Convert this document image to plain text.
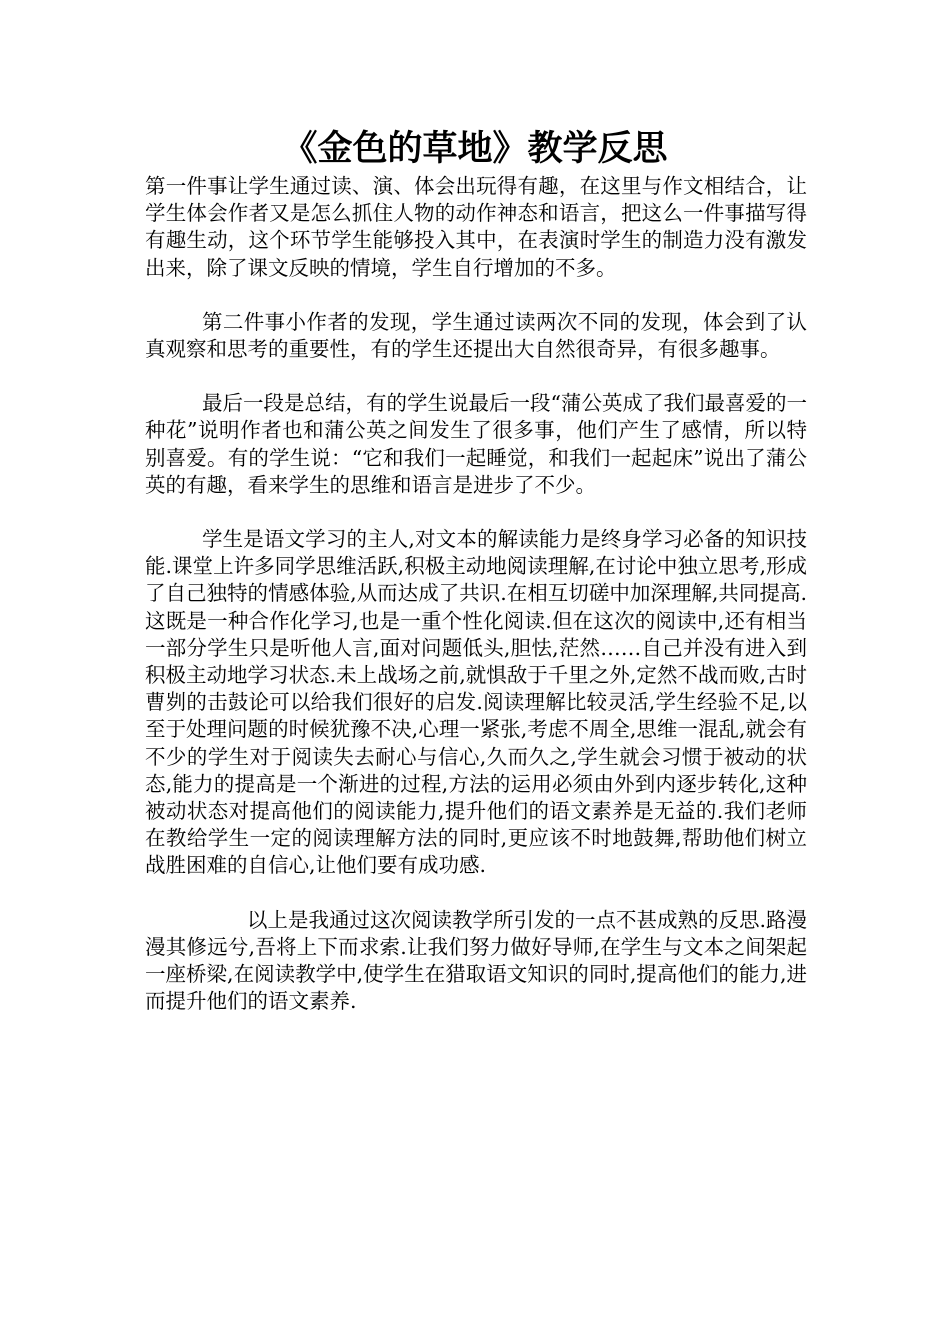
《金色的草地》教学反思

第一件事让学生通过读、演、体会出玩得有趣，在这里与作文相结合，让学生体会作者又是怎么抓住人物的动作神态和语言，把这么一件事描写得有趣生动，这个环节学生能够投入其中，在表演时学生的制造力没有激发出来，除了课文反映的情境，学生自行增加的不多。

第二件事小作者的发现，学生通过读两次不同的发现，体会到了认真观察和思考的重要性，有的学生还提出大自然很奇异，有很多趣事。

最后一段是总结，有的学生说最后一段“蒲公英成了我们最喜爱的一种花”说明作者也和蒲公英之间发生了很多事，他们产生了感情，所以特别喜爱。有的学生说：“它和我们一起睡觉，和我们一起起床”说出了蒲公英的有趣，看来学生的思维和语言是进步了不少。

学生是语文学习的主人,对文本的解读能力是终身学习必备的知识技能.课堂上许多同学思维活跃,积极主动地阅读理解,在讨论中独立思考,形成了自己独特的情感体验,从而达成了共识.在相互切磋中加深理解,共同提高.这既是一种合作化学习,也是一重个性化阅读.但在这次的阅读中,还有相当一部分学生只是听他人言,面对问题低头,胆怯,茫然……自己并没有进入到积极主动地学习状态.未上战场之前,就惧敌于千里之外,定然不战而败,古时曹刿的击鼓论可以给我们很好的启发.阅读理解比较灵活,学生经验不足,以至于处理问题的时候犹豫不决,心理一紧张,考虑不周全,思维一混乱,就会有不少的学生对于阅读失去耐心与信心,久而久之,学生就会习惯于被动的状态,能力的提高是一个渐进的过程,方法的运用必须由外到内逐步转化,这种被动状态对提高他们的阅读能力,提升他们的语文素养是无益的.我们老师在教给学生一定的阅读理解方法的同时,更应该不时地鼓舞,帮助他们树立战胜困难的自信心,让他们要有成功感.

以上是我通过这次阅读教学所引发的一点不甚成熟的反思.路漫漫其修远兮,吾将上下而求索.让我们努力做好导师,在学生与文本之间架起一座桥梁,在阅读教学中,使学生在猎取语文知识的同时,提高他们的能力,进而提升他们的语文素养.
